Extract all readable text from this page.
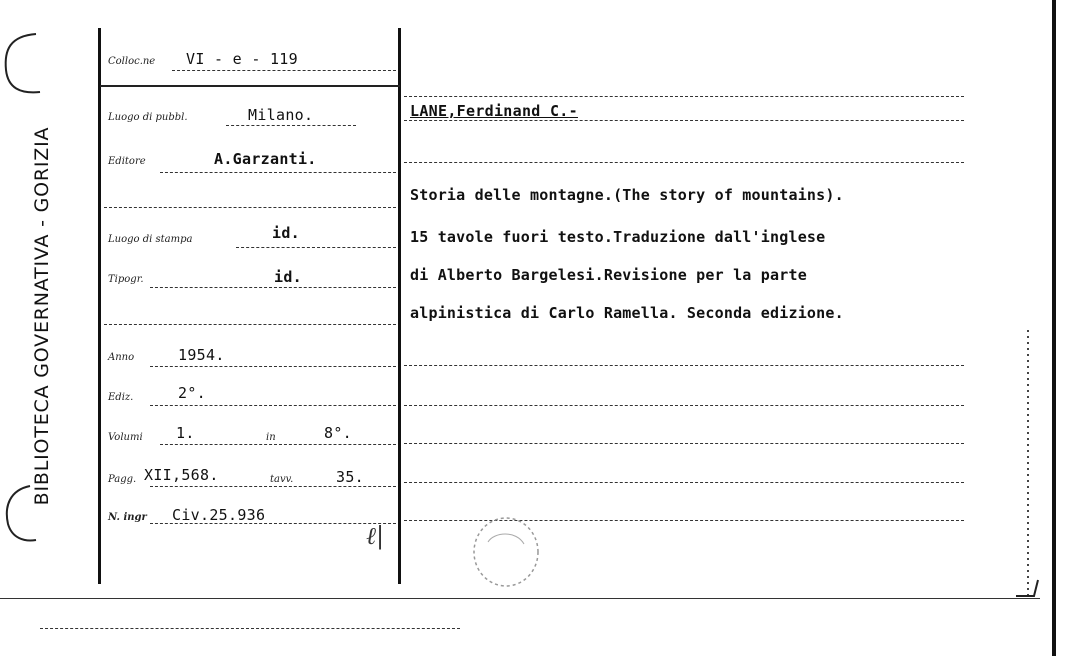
BIBLIOTECA GOVERNATIVA - GORIZIA
Colloc.ne VI - e - 119
Luogo di pubbl.	Milano.
Editore	A.Garzanti.
Luogo di stampa	id.
Tipogr.	id.
Anno	1954.
Ediz.	2°.
Volumi 1.	in	8°.
Pagg. XII,568.	tavv.	35.
N. ingr Civ.25.936
LANE,Ferdinand C.-
Storia delle montagne.(The story of mountains).
15 tavole fuori testo.Traduzione dall'inglese
di Alberto Bargelesi.Revisione per la parte
alpinistica di Carlo Ramella. Seconda edizione.
ℓ|
